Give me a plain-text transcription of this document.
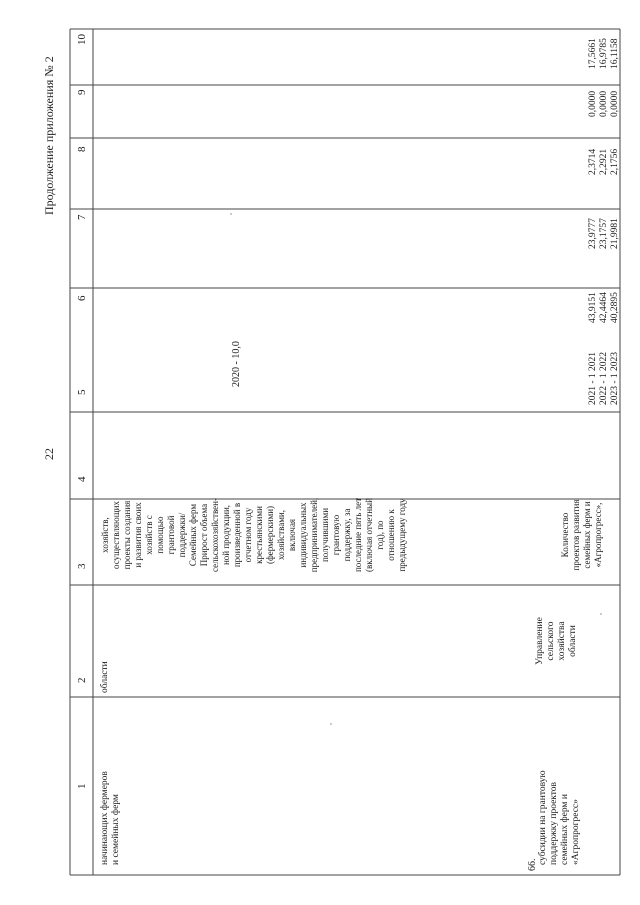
22
Продолжение приложения № 2
1
2
3
4
5
6
7
8
9
10
начинающих фермеров и семейных ферм
области
хозяйств, осуществляющих проекты создания и развития своих хозяйств с помощью грантовой поддержки/ Семейных ферм Прирост объема сельскохозяйствен- ной продукции, произведенной в отчетном году крестьянскими (фермерскими) хозяйствами, включая индивидуальных предпринимателей, получившими грантовую поддержку, за последние пять лет (включая отчетный год), по отношению к предыдущему году
2020 - 10,0
66. субсидии на грантовую поддержку проектов семейных ферм и «Агропрогресс»
Управление сельского хозяйства области
Количество проектов развития семейных ферм и «Агропрогресс»,
2021 - 1 2022 - 1 2023 - 1
2021 2022 2023
43,9151 42,4464 40,2895
23,9777 23,1757 21,9981
2,3714 2,2921 2,1756
0,0000 0,0000 0,0000
17,5661 16,9785 16,1158
